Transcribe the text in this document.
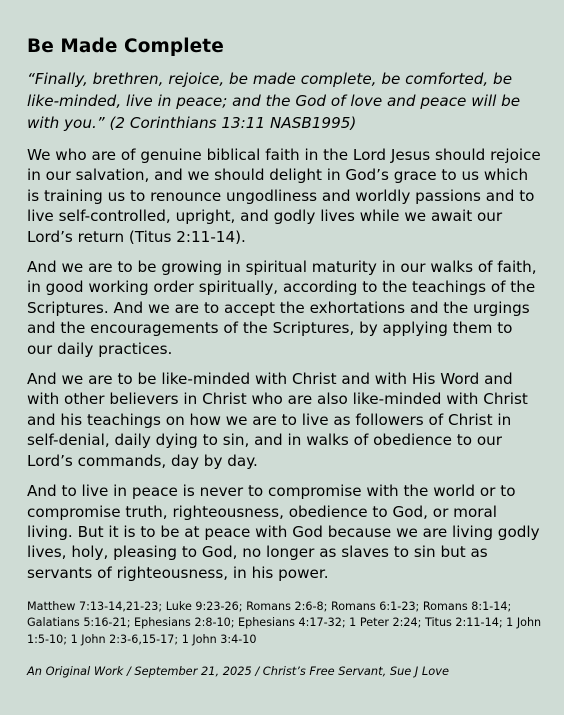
Be Made Complete

“Finally, brethren, rejoice, be made complete, be comforted, be like-minded, live in peace; and the God of love and peace will be with you.” (2 Corinthians 13:11 NASB1995)

We who are of genuine biblical faith in the Lord Jesus should rejoice in our salvation, and we should delight in God’s grace to us which is training us to renounce ungodliness and worldly passions and to live self-controlled, upright, and godly lives while we await our Lord’s return (Titus 2:11-14).

And we are to be growing in spiritual maturity in our walks of faith, in good working order spiritually, according to the teachings of the Scriptures. And we are to accept the exhortations and the urgings and the encouragements of the Scriptures, by applying them to our daily practices.

And we are to be like-minded with Christ and with His Word and with other believers in Christ who are also like-minded with Christ and his teachings on how we are to live as followers of Christ in self-denial, daily dying to sin, and in walks of obedience to our Lord’s commands, day by day.

And to live in peace is never to compromise with the world or to compromise truth, righteousness, obedience to God, or moral living. But it is to be at peace with God because we are living godly lives, holy, pleasing to God, no longer as slaves to sin but as servants of righteousness, in his power.

Matthew 7:13-14,21-23; Luke 9:23-26; Romans 2:6-8; Romans 6:1-23; Romans 8:1-14; Galatians 5:16-21; Ephesians 2:8-10; Ephesians 4:17-32; 1 Peter 2:24; Titus 2:11-14; 1 John 1:5-10; 1 John 2:3-6,15-17; 1 John 3:4-10

An Original Work / September 21, 2025 / Christ’s Free Servant, Sue J Love
